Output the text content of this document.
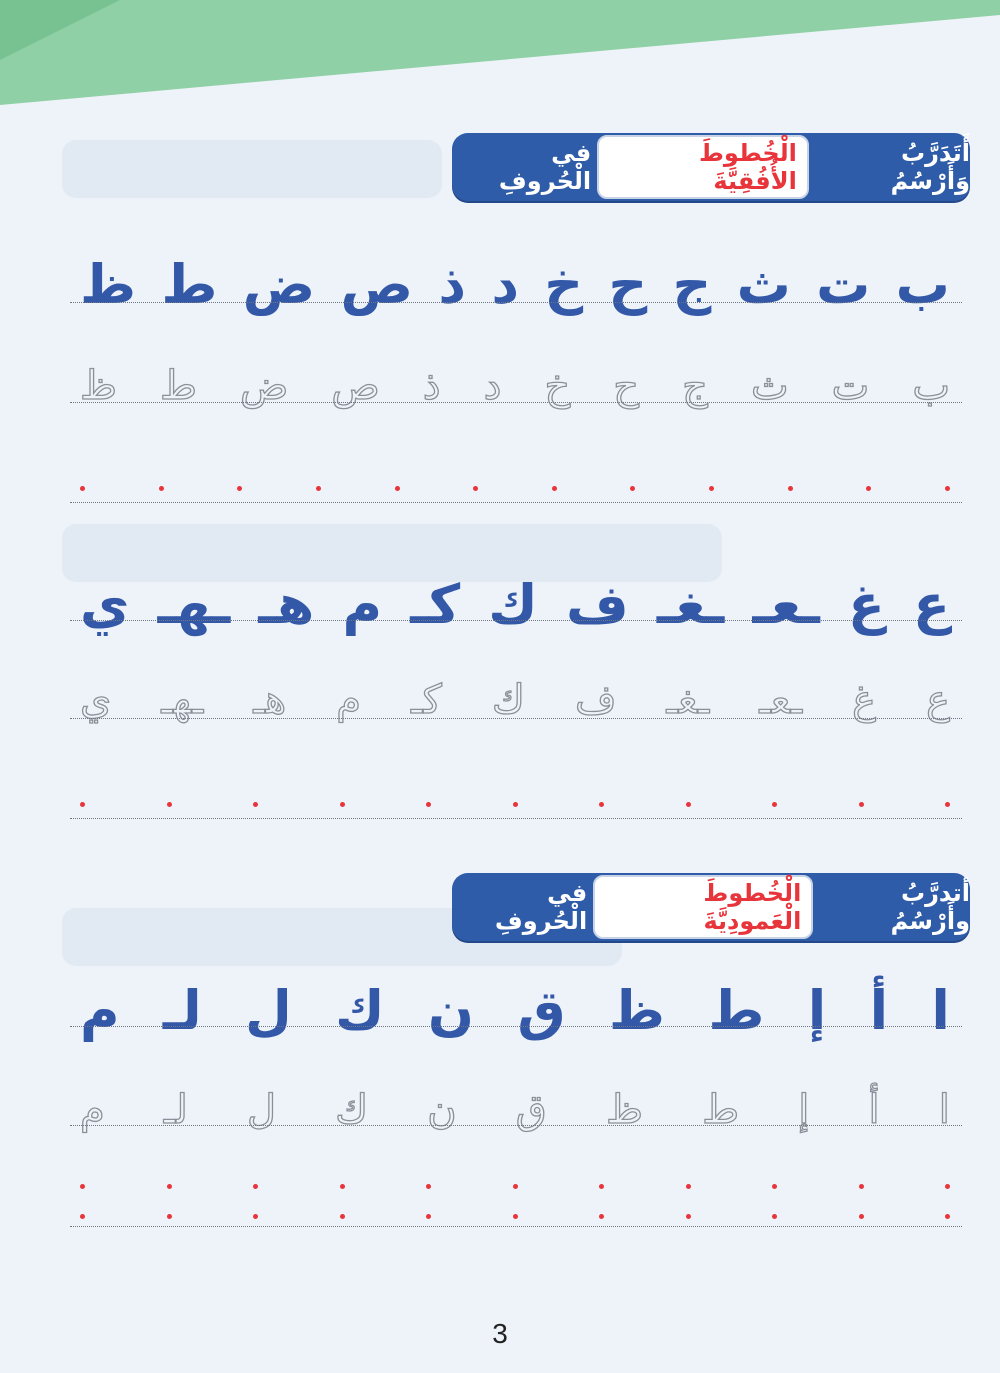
أَتَدَرَّبُ وَأَرْسُمُ
الْخُطوطَ الأُفُقِيَّةَ
في الْحُروفِ
ب
ت
ث
ج
ح
خ
د
ذ
ص
ض
ط
ظ
ب
ت
ث
ج
ح
خ
د
ذ
ص
ض
ط
ظ
ع
غ
ـعـ
ـغـ
ف
ك
كـ
م
هـ
ـهـ
ي
ع
غ
ـعـ
ـغـ
ف
ك
كـ
م
هـ
ـهـ
ي
أتدرَّبُ وأَرْسُمُ
الْخُطوطَ الْعَمودِيَّةَ
في الْحُروفِ
ا
أ
إ
ط
ظ
ق
ن
ك
ل
لـ
م
ا
أ
إ
ط
ظ
ق
ن
ك
ل
لـ
م
3
